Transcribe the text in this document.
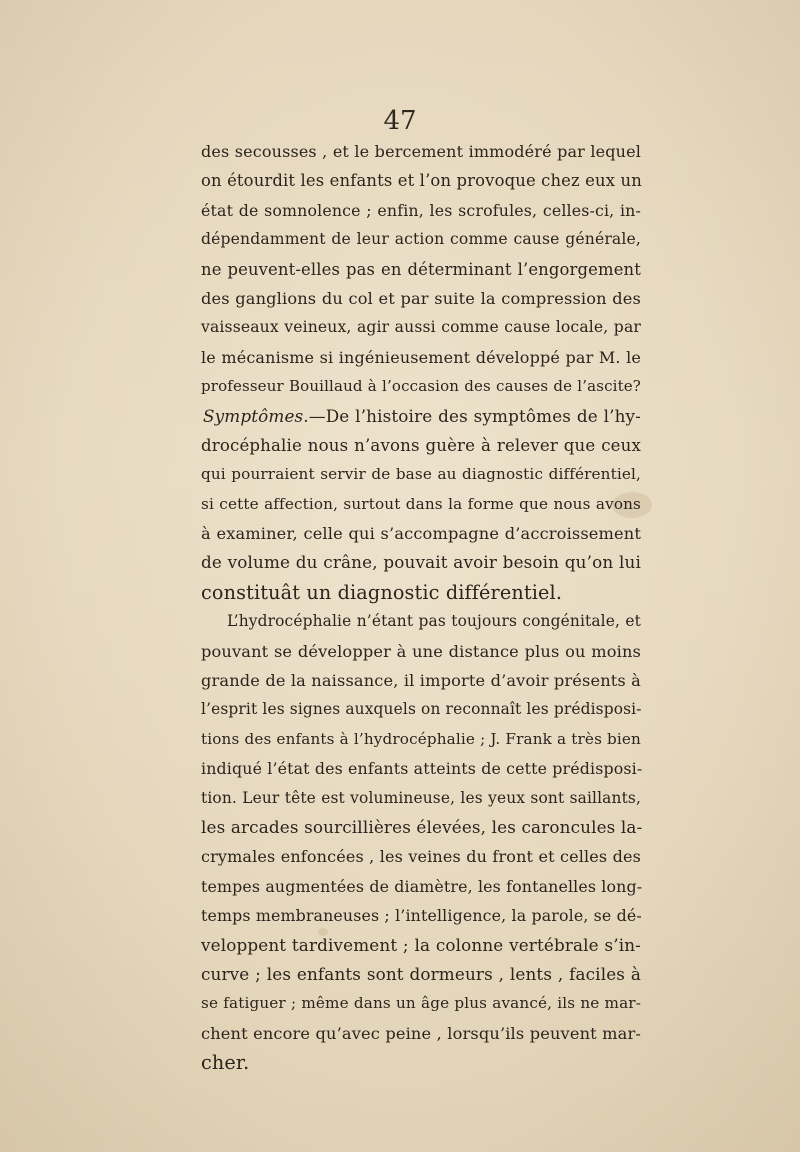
47
des secousses , et le bercement immodéré par lequel
on étourdit les enfants et l’on provoque chez eux un
état de somnolence ; enfin, les scrofules, celles-ci, in-
dépendamment de leur action comme cause générale,
ne peuvent-elles pas en déterminant l’engorgement
des ganglions du col et par suite la compression des
vaisseaux veineux, agir aussi comme cause locale, par
le mécanisme si ingénieusement développé par M. le
professeur Bouillaud à l’occasion des causes de l’ascite?
Symptômes.—De l’histoire des symptômes de l’hy-
drocéphalie nous n’avons guère à relever que ceux
qui pourraient servir de base au diagnostic différentiel,
si cette affection, surtout dans la forme que nous avons
à examiner, celle qui s’accompagne d’accroissement
de volume du crâne, pouvait avoir besoin qu’on lui
constituât un diagnostic différentiel.
L’hydrocéphalie n’étant pas toujours congénitale, et
pouvant se développer à une distance plus ou moins
grande de la naissance, il importe d’avoir présents à
l’esprit les signes auxquels on reconnaît les prédisposi-
tions des enfants à l’hydrocéphalie ; J. Frank a très bien
indiqué l’état des enfants atteints de cette prédisposi-
tion. Leur tête est volumineuse, les yeux sont saillants,
les arcades sourcillières élevées, les caroncules la-
crymales enfoncées , les veines du front et celles des
tempes augmentées de diamètre, les fontanelles long-
temps membraneuses ; l’intelligence, la parole, se dé-
veloppent tardivement ; la colonne vertébrale s’in-
curve ; les enfants sont dormeurs , lents , faciles à
se fatiguer ; même dans un âge plus avancé, ils ne mar-
chent encore qu’avec peine , lorsqu’ils peuvent mar-
cher.
